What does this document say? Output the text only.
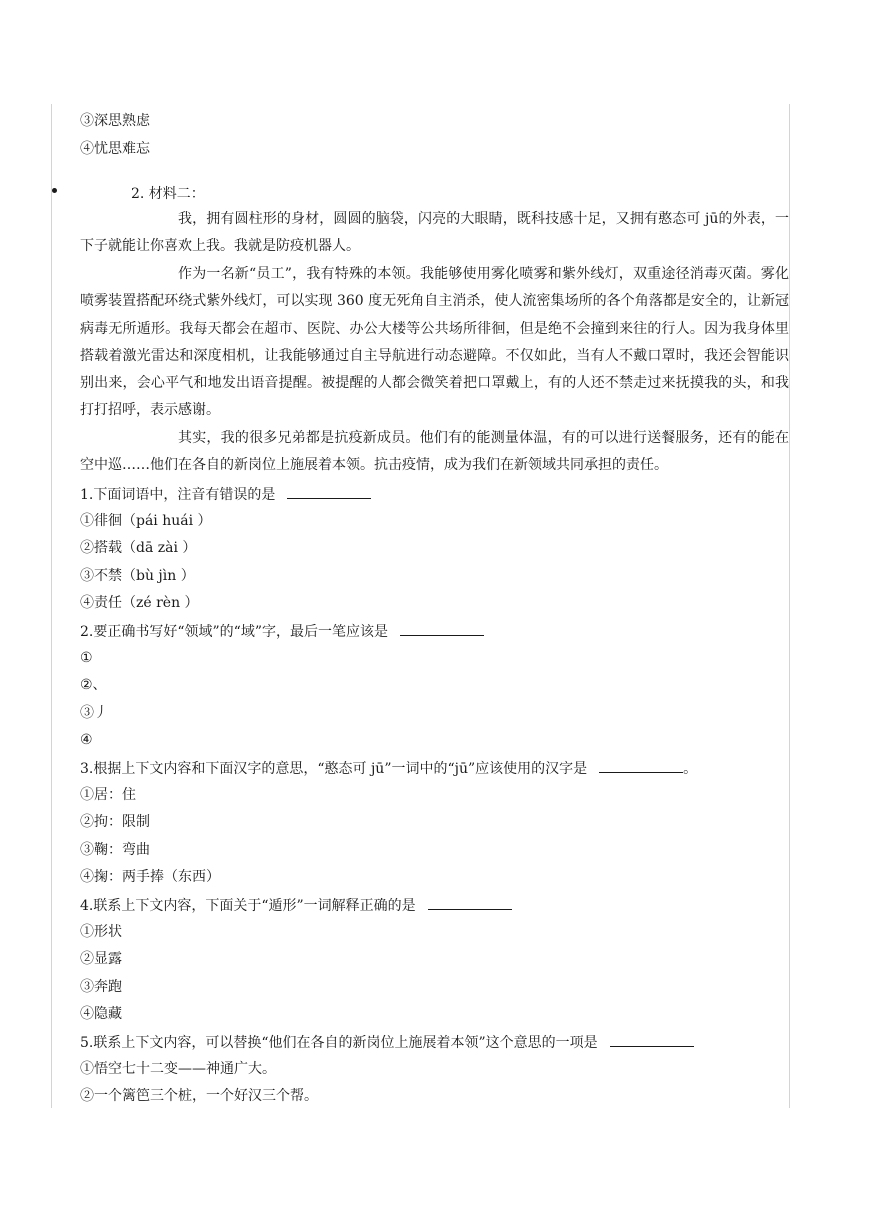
③深思熟虑
④忧思难忘
2. 材料二：
我，拥有圆柱形的身材，圆圆的脑袋，闪亮的大眼睛，既科技感十足，又拥有憨态可 jū的外表，一下子就能让你喜欢上我。我就是防疫机器人。
作为一名新“员工”，我有特殊的本领。我能够使用雾化喷雾和紫外线灯，双重途径消毒灭菌。雾化喷雾装置搭配环绕式紫外线灯，可以实现 360 度无死角自主消杀，使人流密集场所的各个角落都是安全的，让新冠病毒无所遁形。我每天都会在超市、医院、办公大楼等公共场所徘徊，但是绝不会撞到来往的行人。因为我身体里搭载着激光雷达和深度相机，让我能够通过自主导航进行动态避障。不仅如此，当有人不戴口罩时，我还会智能识别出来，会心平气和地发出语音提醒。被提醒的人都会微笑着把口罩戴上，有的人还不禁走过来抚摸我的头，和我打打招呼，表示感谢。
其实，我的很多兄弟都是抗疫新成员。他们有的能测量体温，有的可以进行送餐服务，还有的能在空中巡……他们在各自的新岗位上施展着本领。抗击疫情，成为我们在新领域共同承担的责任。
1.下面词语中，注音有错误的是
①徘徊（pái huái ）
②搭载（dā zài ）
③不禁（bù jìn ）
④责任（zé rèn ）
2.要正确书写好“领域”的“域”字，最后一笔应该是
①
②、
③丿
④
3.根据上下文内容和下面汉字的意思，“憨态可 jū”一词中的“jū”应该使用的汉字是	。
①居：住
②拘：限制
③鞠：弯曲
④掬：两手捧（东西）
4.联系上下文内容，下面关于“遁形”一词解释正确的是
①形状
②显露
③奔跑
④隐藏
5.联系上下文内容，可以替换“他们在各自的新岗位上施展着本领”这个意思的一项是
①悟空七十二变——神通广大。
②一个篱笆三个桩，一个好汉三个帮。
